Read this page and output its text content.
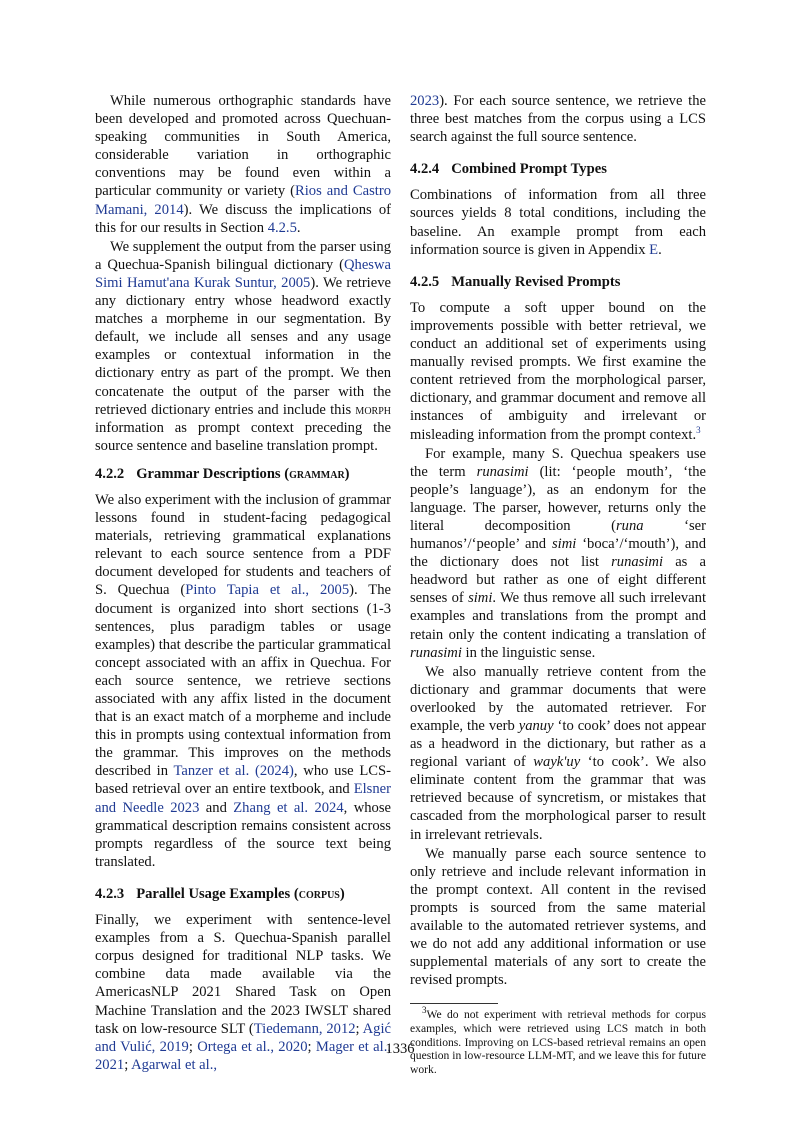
While numerous orthographic standards have been developed and promoted across Quechuan-speaking communities in South America, considerable variation in orthographic conventions may be found even within a particular community or variety (Rios and Castro Mamani, 2014). We discuss the implications of this for our results in Section 4.2.5.

We supplement the output from the parser using a Quechua-Spanish bilingual dictionary (Qheswa Simi Hamut'ana Kurak Suntur, 2005). We retrieve any dictionary entry whose headword exactly matches a morpheme in our segmentation. By default, we include all senses and any usage examples or contextual information in the dictionary entry as part of the prompt. We then concatenate the output of the parser with the retrieved dictionary entries and include this morph information as prompt context preceding the source sentence and baseline translation prompt.

4.2.2 Grammar Descriptions (grammar)

We also experiment with the inclusion of grammar lessons found in student-facing pedagogical materials, retrieving grammatical explanations relevant to each source sentence from a PDF document developed for students and teachers of S. Quechua (Pinto Tapia et al., 2005). The document is organized into short sections (1-3 sentences, plus paradigm tables or usage examples) that describe the particular grammatical concept associated with an affix in Quechua. For each source sentence, we retrieve sections associated with any affix listed in the document that is an exact match of a morpheme and include this in prompts using contextual information from the grammar. This improves on the methods described in Tanzer et al. (2024), who use LCS-based retrieval over an entire textbook, and Elsner and Needle 2023 and Zhang et al. 2024, whose grammatical description remains consistent across prompts regardless of the source text being translated.

4.2.3 Parallel Usage Examples (corpus)

Finally, we experiment with sentence-level examples from a S. Quechua-Spanish parallel corpus designed for traditional NLP tasks. We combine data made available via the AmericasNLP 2021 Shared Task on Open Machine Translation and the 2023 IWSLT shared task on low-resource SLT (Tiedemann, 2012; Agić and Vulić, 2019; Ortega et al., 2020; Mager et al., 2021; Agarwal et al.,

2023). For each source sentence, we retrieve the three best matches from the corpus using a LCS search against the full source sentence.

4.2.4 Combined Prompt Types

Combinations of information from all three sources yields 8 total conditions, including the baseline. An example prompt from each information source is given in Appendix E.

4.2.5 Manually Revised Prompts

To compute a soft upper bound on the improvements possible with better retrieval, we conduct an additional set of experiments using manually revised prompts. We first examine the content retrieved from the morphological parser, dictionary, and grammar document and remove all instances of ambiguity and irrelevant or misleading information from the prompt context.$^3$

For example, many S. Quechua speakers use the term runasimi (lit: ‘people mouth’, ‘the people’s language’), as an endonym for the language. The parser, however, returns only the literal decomposition (runa ‘ser humanos’/‘people’ and simi ‘boca’/‘mouth’), and the dictionary does not list runasimi as a headword but rather as one of eight different senses of simi. We thus remove all such irrelevant examples and translations from the prompt and retain only the content indicating a translation of runasimi in the linguistic sense.

We also manually retrieve content from the dictionary and grammar documents that were overlooked by the automated retriever. For example, the verb yanuy ‘to cook’ does not appear as a headword in the dictionary, but rather as a regional variant of wayk'uy ‘to cook’. We also eliminate content from the grammar that was retrieved because of syncretism, or mistakes that cascaded from the morphological parser to result in irrelevant retrievals.

We manually parse each source sentence to only retrieve and include relevant information in the prompt context. All content in the revised prompts is sourced from the same material available to the automated retriever systems, and we do not add any additional information or use supplemental materials of any sort to create the revised prompts.

$^3$We do not experiment with retrieval methods for corpus examples, which were retrieved using LCS match in both conditions. Improving on LCS-based retrieval remains an open question in low-resource LLM-MT, and we leave this for future work.

1336
